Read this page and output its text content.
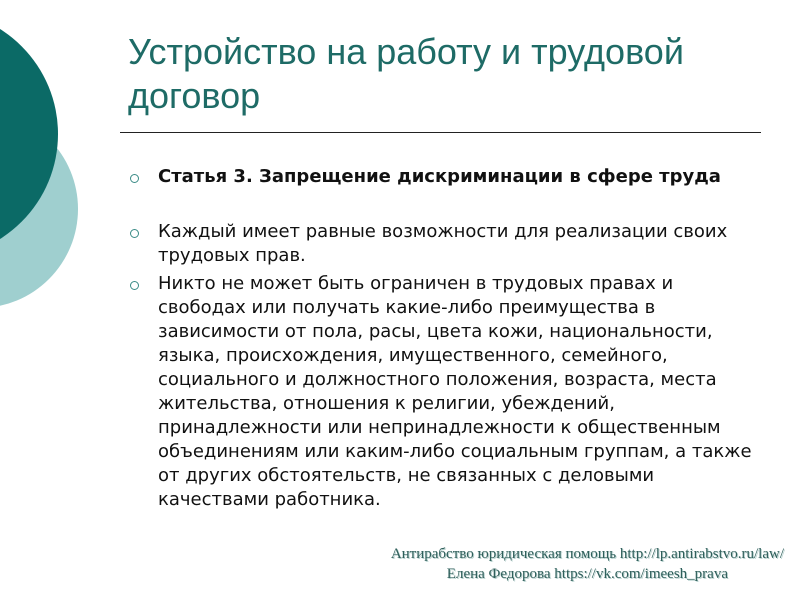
Устройство на работу и трудовой
договор
Статья 3. Запрещение дискриминации в сфере труда
Каждый имеет равные возможности для реализации своих трудовых прав.
Никто не может быть ограничен в трудовых правах и свободах или получать какие-либо преимущества в зависимости от пола, расы, цвета кожи, национальности, языка, происхождения, имущественного, семейного, социального и должностного положения, возраста, места жительства, отношения к религии, убеждений, принадлежности или непринадлежности к общественным объединениям или каким-либо социальным группам, а также от других обстоятельств, не связанных с деловыми качествами работника.
Антирабство юридическая помощь http://lp.antirabstvo.ru/law/
Елена Федорова https://vk.com/imeesh_prava
